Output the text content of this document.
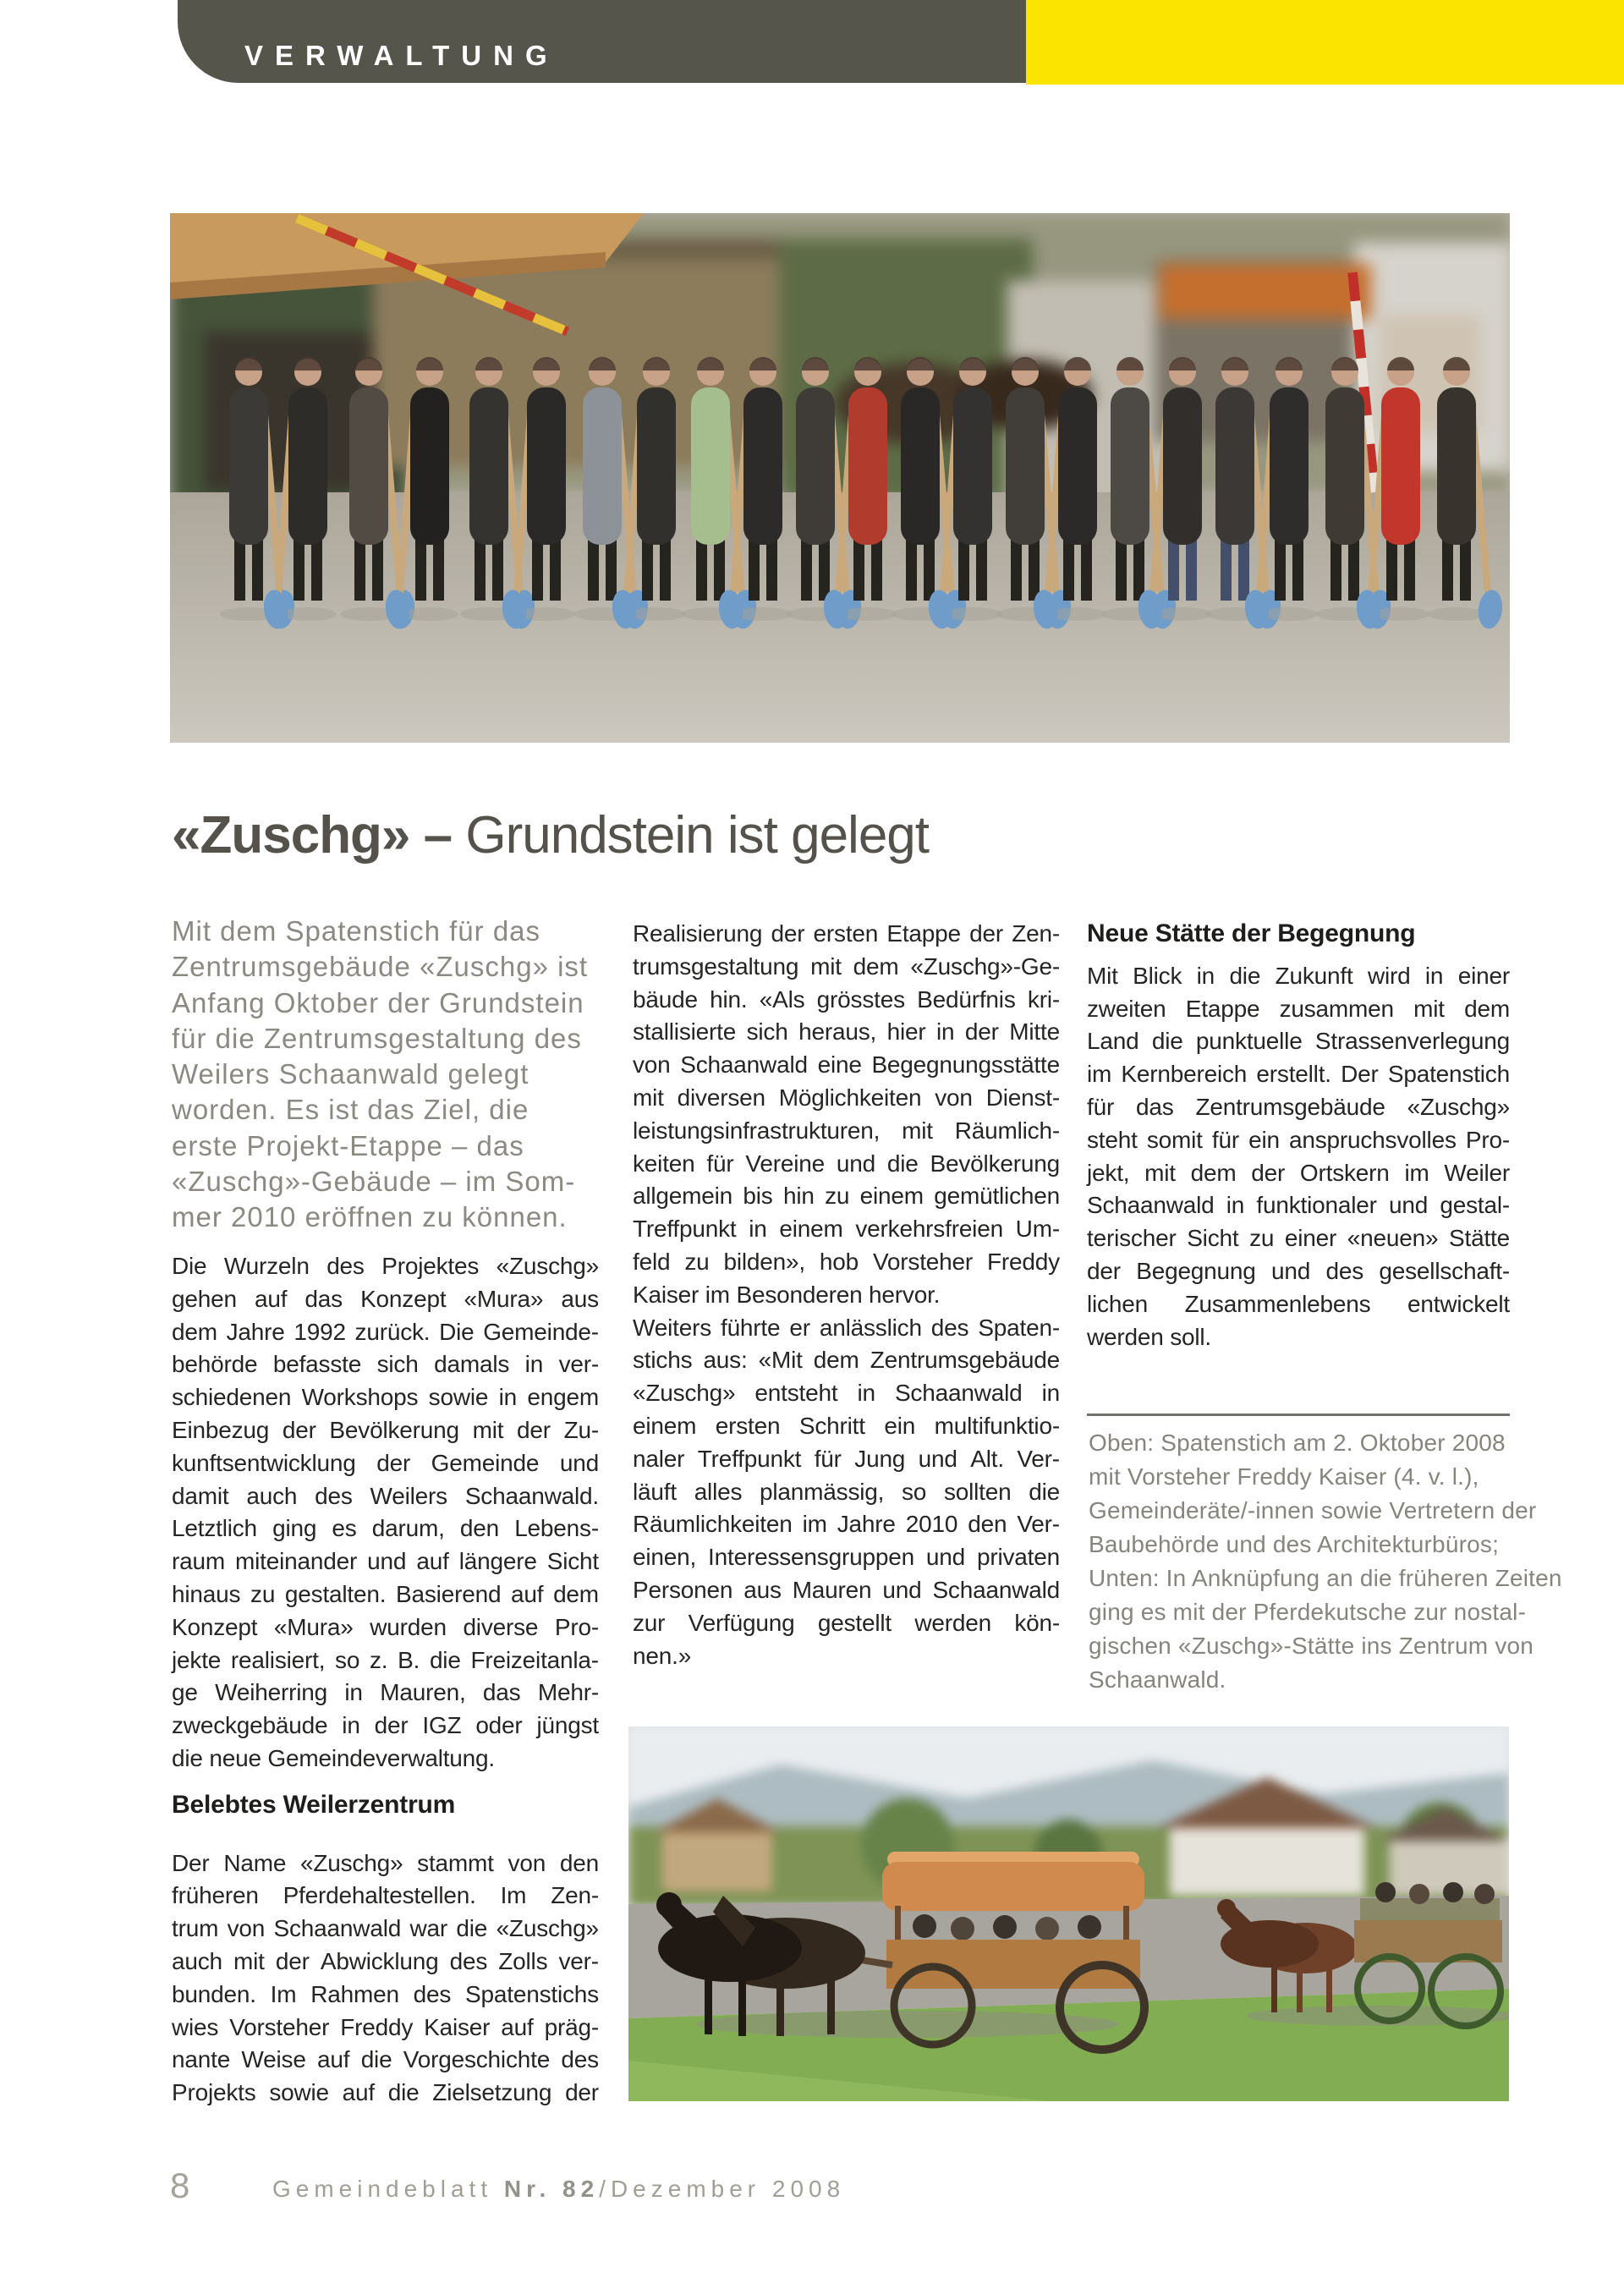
VERWALTUNG
«Zuschg» – Grundstein ist gelegt
Mit dem Spatenstich für das
Zentrumsgebäude «Zuschg» ist
Anfang Oktober der Grundstein
für die Zentrumsgestaltung des
Weilers Schaanwald gelegt
worden. Es ist das Ziel, die
erste Projekt-Etappe – das
«Zuschg»-Gebäude – im Som-
mer 2010 eröffnen zu können.
Die Wurzeln des Projektes «Zuschg»
gehen auf das Konzept «Mura» aus
dem Jahre 1992 zurück. Die Gemeinde-
behörde befasste sich damals in ver-
schiedenen Workshops sowie in engem
Einbezug der Bevölkerung mit der Zu-
kunftsentwicklung der Gemeinde und
damit auch des Weilers Schaanwald.
Letztlich ging es darum, den Lebens-
raum miteinander und auf längere Sicht
hinaus zu gestalten. Basierend auf dem
Konzept «Mura» wurden diverse Pro-
jekte realisiert, so z. B. die Freizeitanla-
ge Weiherring in Mauren, das Mehr-
zweckgebäude in der IGZ oder jüngst
die neue Gemeindeverwaltung.
Belebtes Weilerzentrum
Der Name «Zuschg» stammt von den
früheren Pferdehaltestellen. Im Zen-
trum von Schaanwald war die «Zuschg»
auch mit der Abwicklung des Zolls ver-
bunden. Im Rahmen des Spatenstichs
wies Vorsteher Freddy Kaiser auf präg-
nante Weise auf die Vorgeschichte des
Projekts sowie auf die Zielsetzung der
Realisierung der ersten Etappe der Zen-
trumsgestaltung mit dem «Zuschg»-Ge-
bäude hin. «Als grösstes Bedürfnis kri-
stallisierte sich heraus, hier in der Mitte
von Schaanwald eine Begegnungsstätte
mit diversen Möglichkeiten von Dienst-
leistungsinfrastrukturen, mit Räumlich-
keiten für Vereine und die Bevölkerung
allgemein bis hin zu einem gemütlichen
Treffpunkt in einem verkehrsfreien Um-
feld zu bilden», hob Vorsteher Freddy
Kaiser im Besonderen hervor.
Weiters führte er anlässlich des Spaten-
stichs aus: «Mit dem Zentrumsgebäude
«Zuschg» entsteht in Schaanwald in
einem ersten Schritt ein multifunktio-
naler Treffpunkt für Jung und Alt. Ver-
läuft alles planmässig, so sollten die
Räumlichkeiten im Jahre 2010 den Ver-
einen, Interessensgruppen und privaten
Personen aus Mauren und Schaanwald
zur Verfügung gestellt werden kön-
nen.»
Neue Stätte der Begegnung
Mit Blick in die Zukunft wird in einer
zweiten Etappe zusammen mit dem
Land die punktuelle Strassenverlegung
im Kernbereich erstellt. Der Spatenstich
für das Zentrumsgebäude «Zuschg»
steht somit für ein anspruchsvolles Pro-
jekt, mit dem der Ortskern im Weiler
Schaanwald in funktionaler und gestal-
terischer Sicht zu einer «neuen» Stätte
der Begegnung und des gesellschaft-
lichen Zusammenlebens entwickelt
werden soll.
Oben: Spatenstich am 2. Oktober 2008
mit Vorsteher Freddy Kaiser (4. v. l.),
Gemeinderäte/-innen sowie Vertretern der
Baubehörde und des Architekturbüros;
Unten: In Anknüpfung an die früheren Zeiten
ging es mit der Pferdekutsche zur nostal-
gischen «Zuschg»-Stätte ins Zentrum von
Schaanwald.
8	Gemeindeblatt Nr. 82/Dezember 2008
